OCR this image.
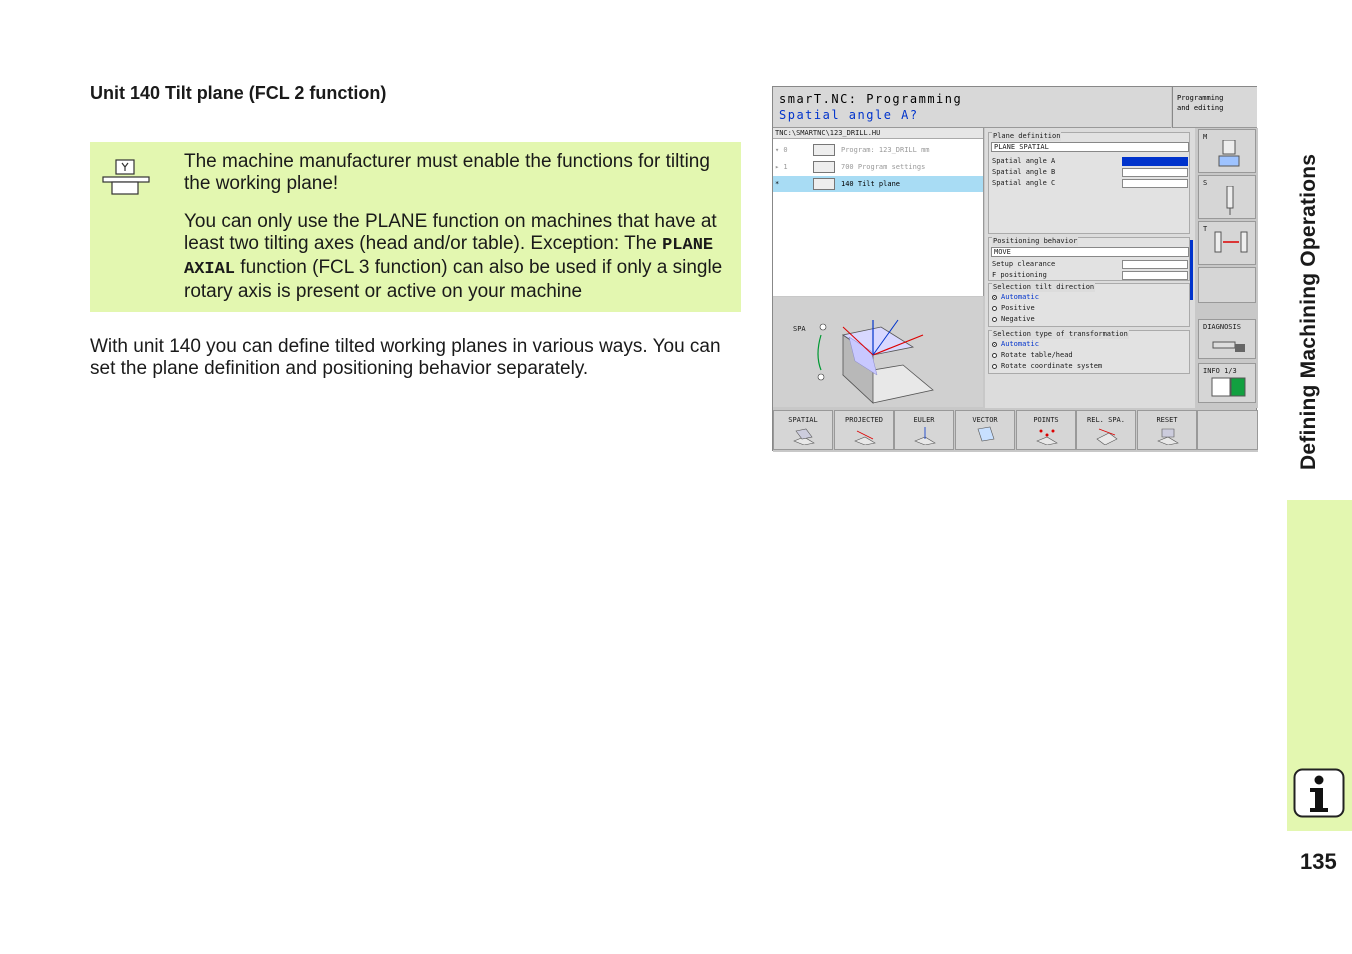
Unit 140 Tilt plane (FCL 2 function)
The machine manufacturer must enable the functions for tilting the working plane!
You can only use the PLANE function on machines that have at least two tilting axes (head and/or table). Exception: The PLANE AXIAL function (FCL 3 function) can also be used if only a single rotary axis is present or active on your machine
With unit 140 you can define tilted working planes in various ways. You can set the plane definition and positioning behavior separately.
smarT.NC: Programming
Spatial angle A?
Programming
and editing
TNC:\SMARTNC\123_DRILL.HU
▾ 0	Program: 123_DRILL mm
▸ 1	700 Program settings
*	140 Tilt plane
SPA
Plane definition
PLANE SPATIAL
Spatial angle A
Spatial angle B
Spatial angle C
Positioning behavior
MOVE
Setup clearance
F positioning
Selection tilt direction
Automatic
Positive
Negative
Selection type of transformation
Automatic
Rotate table/head
Rotate coordinate system
M
S
T
DIAGNOSIS
INFO 1/3
SPATIAL	PROJECTED	EULER	VECTOR	POINTS	REL. SPA.	RESET	Defining Machining Operations
135
